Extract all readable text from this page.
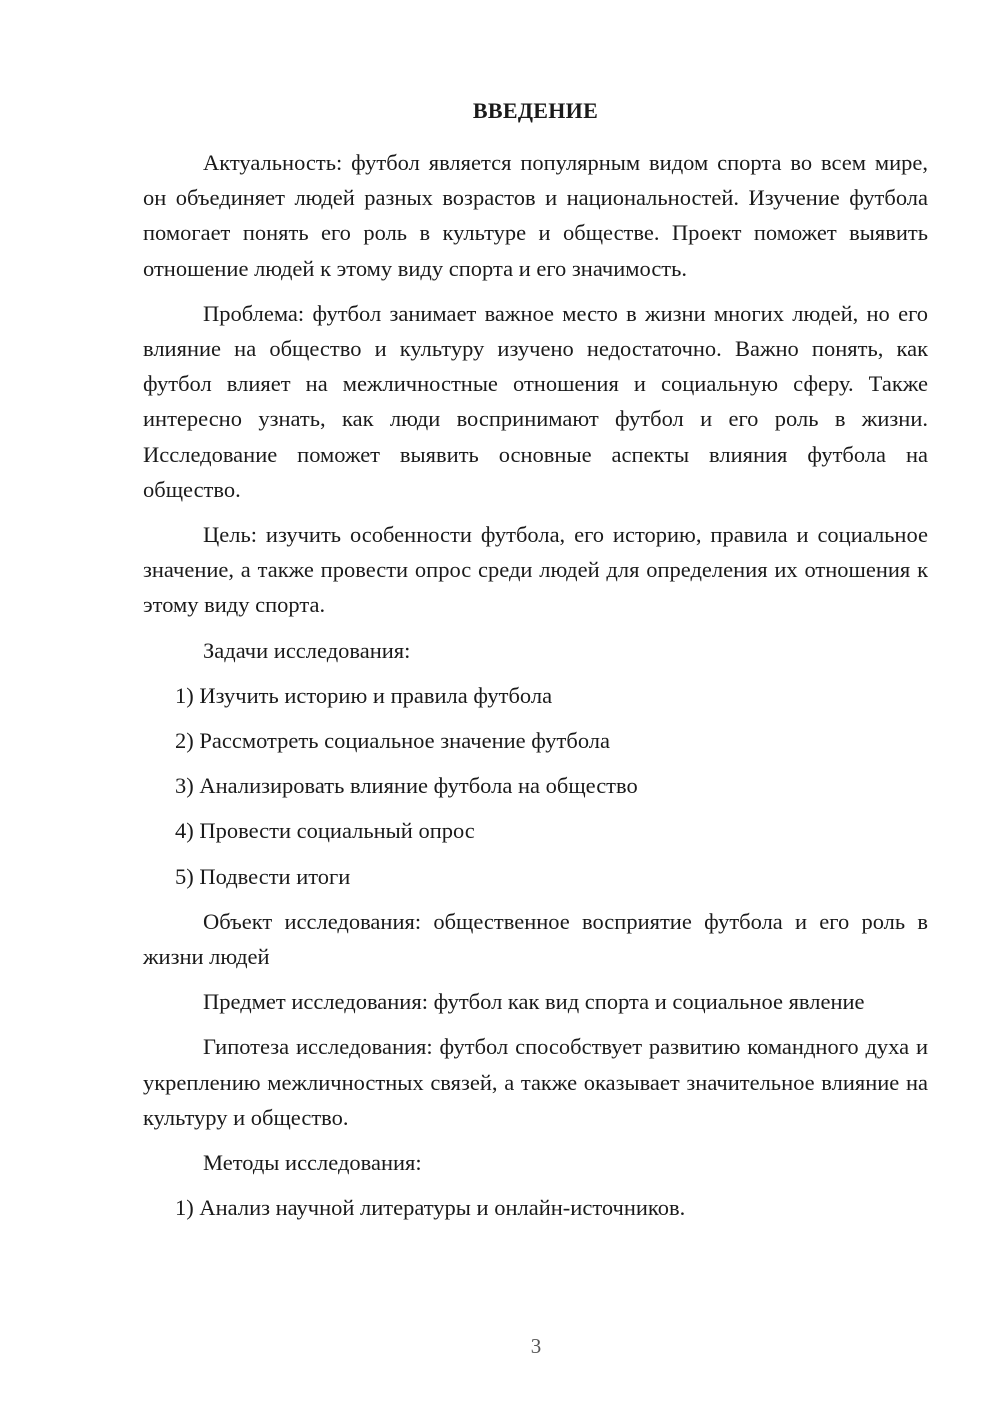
ВВЕДЕНИЕ

Актуальность: футбол является популярным видом спорта во всем мире, он объединяет людей разных возрастов и национальностей. Изучение футбола помогает понять его роль в культуре и обществе. Проект поможет выявить отношение людей к этому виду спорта и его значимость.

Проблема: футбол занимает важное место в жизни многих людей, но его влияние на общество и культуру изучено недостаточно. Важно понять, как футбол влияет на межличностные отношения и социальную сферу. Также интересно узнать, как люди воспринимают футбол и его роль в жизни. Исследование поможет выявить основные аспекты влияния футбола на общество.

Цель: изучить особенности футбола, его историю, правила и социальное значение, а также провести опрос среди людей для определения их отношения к этому виду спорта.

Задачи исследования:

1) Изучить историю и правила футбола

2) Рассмотреть социальное значение футбола

3) Анализировать влияние футбола на общество

4) Провести социальный опрос

5) Подвести итоги

Объект исследования: общественное восприятие футбола и его роль в жизни людей

Предмет исследования: футбол как вид спорта и социальное явление

Гипотеза исследования: футбол способствует развитию командного духа и укреплению межличностных связей, а также оказывает значительное влияние на культуру и общество.

Методы исследования:

1) Анализ научной литературы и онлайн-источников.

3
